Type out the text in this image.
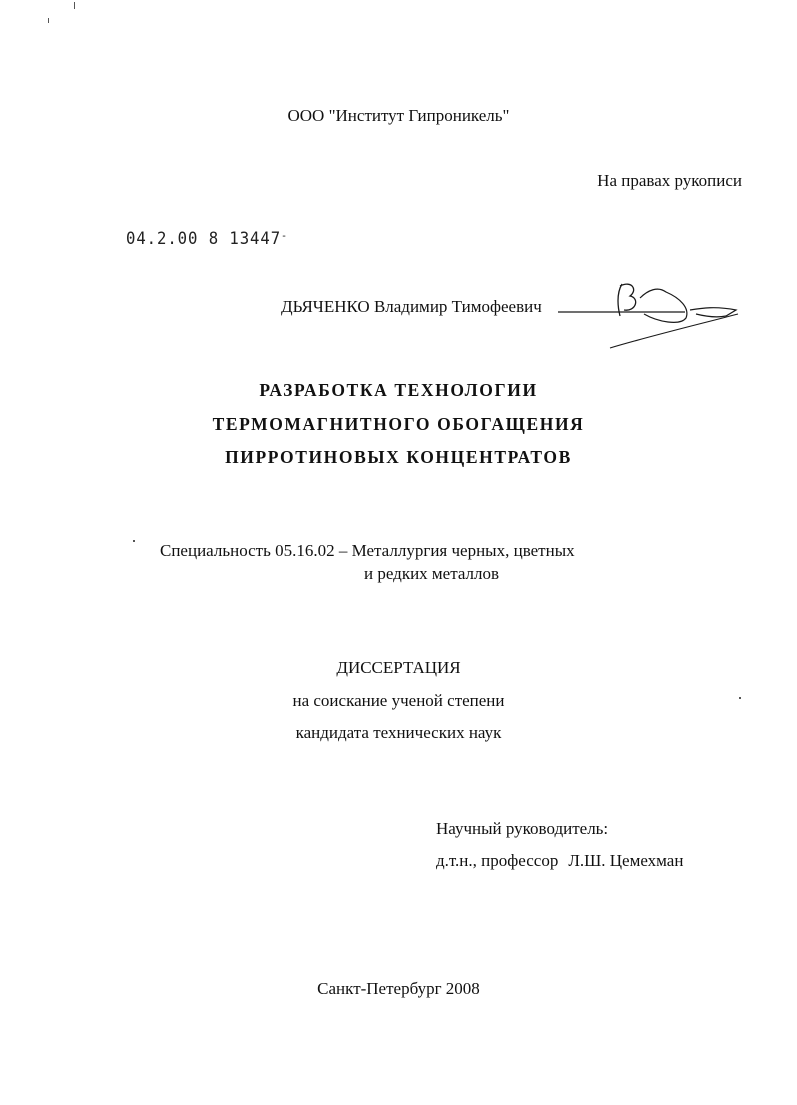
ООО "Институт Гипроникель"
На правах рукописи
04.2.00 8 13447-
ДЬЯЧЕНКО Владимир Тимофеевич
РАЗРАБОТКА ТЕХНОЛОГИИ
ТЕРМОМАГНИТНОГО ОБОГАЩЕНИЯ
ПИРРОТИНОВЫХ КОНЦЕНТРАТОВ
Специальность 05.16.02 – Металлургия черных, цветных
и редких металлов
ДИССЕРТАЦИЯ
на соискание ученой степени
кандидата технических наук
Научный руководитель:
д.т.н., профессор Л.Ш. Цемехман
Санкт-Петербург 2008
